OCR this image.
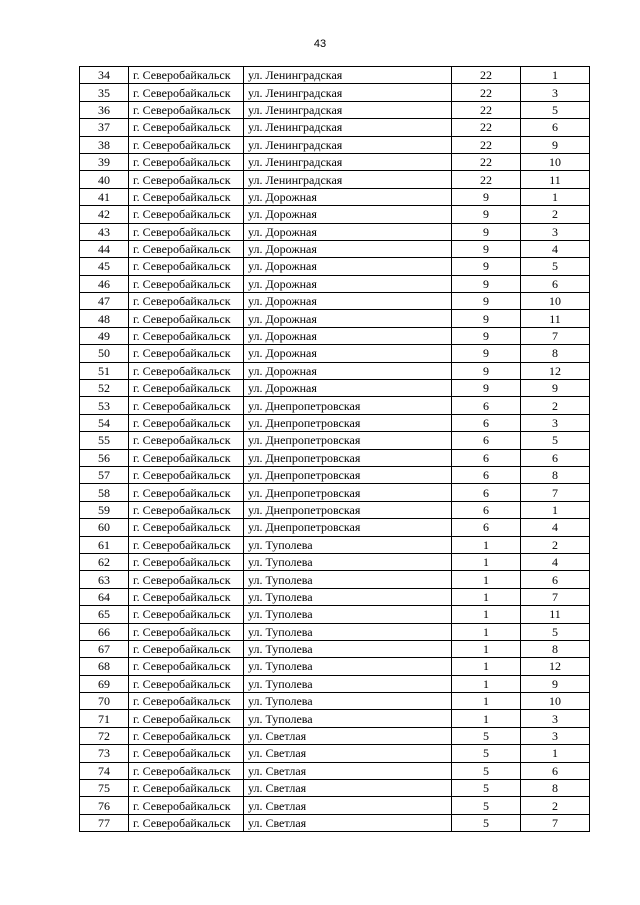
43
34	г. Северобайкальск	ул. Ленинградская	22	1
35	г. Северобайкальск	ул. Ленинградская	22	3
36	г. Северобайкальск	ул. Ленинградская	22	5
37	г. Северобайкальск	ул. Ленинградская	22	6
38	г. Северобайкальск	ул. Ленинградская	22	9
39	г. Северобайкальск	ул. Ленинградская	22	10
40	г. Северобайкальск	ул. Ленинградская	22	11
41	г. Северобайкальск	ул. Дорожная	9	1
42	г. Северобайкальск	ул. Дорожная	9	2
43	г. Северобайкальск	ул. Дорожная	9	3
44	г. Северобайкальск	ул. Дорожная	9	4
45	г. Северобайкальск	ул. Дорожная	9	5
46	г. Северобайкальск	ул. Дорожная	9	6
47	г. Северобайкальск	ул. Дорожная	9	10
48	г. Северобайкальск	ул. Дорожная	9	11
49	г. Северобайкальск	ул. Дорожная	9	7
50	г. Северобайкальск	ул. Дорожная	9	8
51	г. Северобайкальск	ул. Дорожная	9	12
52	г. Северобайкальск	ул. Дорожная	9	9
53	г. Северобайкальск	ул. Днепропетровская	6	2
54	г. Северобайкальск	ул. Днепропетровская	6	3
55	г. Северобайкальск	ул. Днепропетровская	6	5
56	г. Северобайкальск	ул. Днепропетровская	6	6
57	г. Северобайкальск	ул. Днепропетровская	6	8
58	г. Северобайкальск	ул. Днепропетровская	6	7
59	г. Северобайкальск	ул. Днепропетровская	6	1
60	г. Северобайкальск	ул. Днепропетровская	6	4
61	г. Северобайкальск	ул. Туполева	1	2
62	г. Северобайкальск	ул. Туполева	1	4
63	г. Северобайкальск	ул. Туполева	1	6
64	г. Северобайкальск	ул. Туполева	1	7
65	г. Северобайкальск	ул. Туполева	1	11
66	г. Северобайкальск	ул. Туполева	1	5
67	г. Северобайкальск	ул. Туполева	1	8
68	г. Северобайкальск	ул. Туполева	1	12
69	г. Северобайкальск	ул. Туполева	1	9
70	г. Северобайкальск	ул. Туполева	1	10
71	г. Северобайкальск	ул. Туполева	1	3
72	г. Северобайкальск	ул. Светлая	5	3
73	г. Северобайкальск	ул. Светлая	5	1
74	г. Северобайкальск	ул. Светлая	5	6
75	г. Северобайкальск	ул. Светлая	5	8
76	г. Северобайкальск	ул. Светлая	5	2
77	г. Северобайкальск	ул. Светлая	5	7
